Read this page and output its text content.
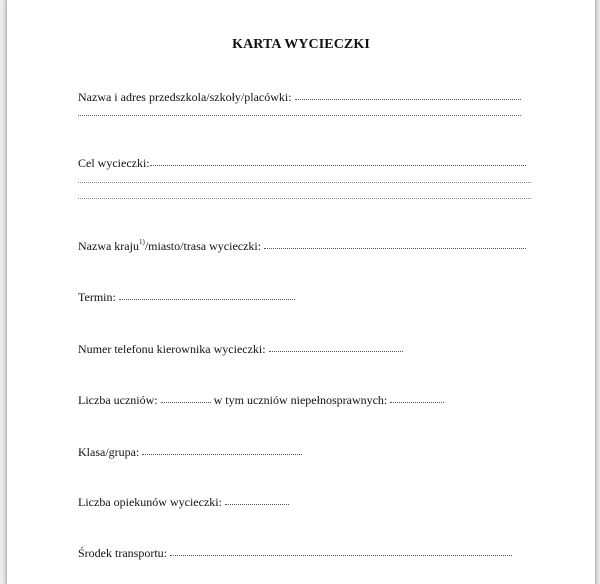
KARTA WYCIECZKI
Nazwa i adres przedszkola/szkoły/placówki:
Cel wycieczki:
Nazwa kraju$^{1)}$/miasto/trasa wycieczki:
Termin:
Numer telefonu kierownika wycieczki:
Liczba uczniów:	w tym uczniów niepełnosprawnych:
Klasa/grupa:
Liczba opiekunów wycieczki:
Środek transportu:
